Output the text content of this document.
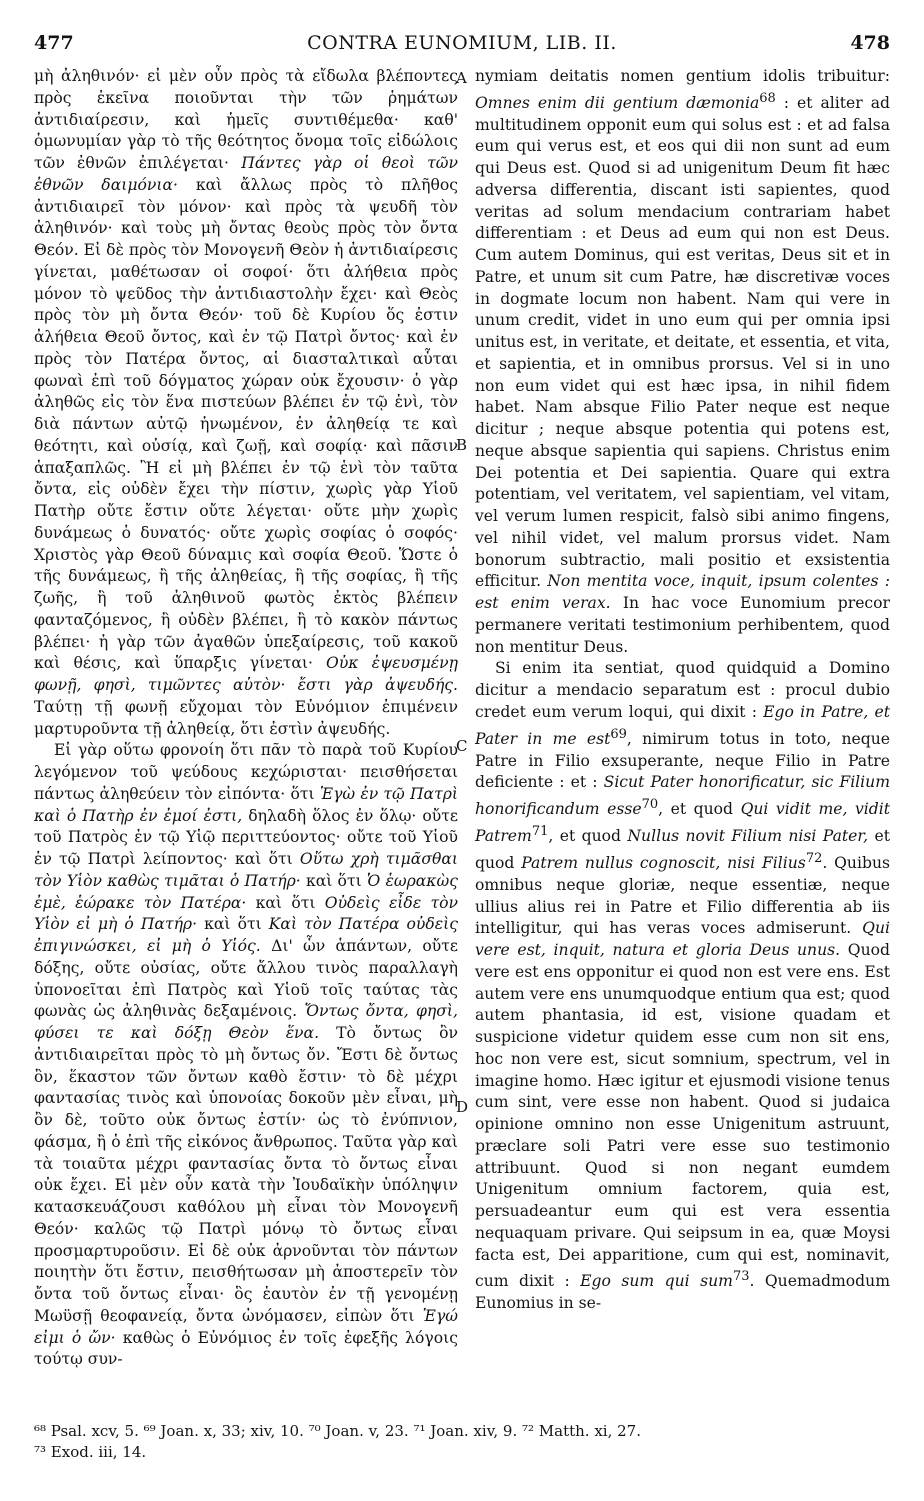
477	CONTRA EUNOMIUM, LIB. II.	478

μὴ ἀληθινόν· εἰ μὲν οὖν πρὸς τὰ εἴδωλα βλέποντες πρὸς ἐκεῖνα ποιοῦνται τὴν τῶν ῥημάτων ἀντιδιαίρεσιν, καὶ ἡμεῖς συντιθέμεθα· καθ' ὁμωνυμίαν γὰρ τὸ τῆς θεότητος ὄνομα τοῖς εἰδώλοις τῶν ἐθνῶν ἐπιλέγεται· Πάντες γὰρ οἱ θεοὶ τῶν ἐθνῶν δαιμόνια· καὶ ἄλλως πρὸς τὸ πλῆθος ἀντιδιαιρεῖ τὸν μόνον· καὶ πρὸς τὰ ψευδῆ τὸν ἀληθινόν· καὶ τοὺς μὴ ὄντας θεοὺς πρὸς τὸν ὄντα Θεόν. Εἰ δὲ πρὸς τὸν Μονογενῆ Θεὸν ἡ ἀντιδιαίρεσις γίνεται, μαθέτωσαν οἱ σοφοί· ὅτι ἀλήθεια πρὸς μόνον τὸ ψεῦδος τὴν ἀντιδιαστολὴν ἔχει· καὶ Θεὸς πρὸς τὸν μὴ ὄντα Θεόν· τοῦ δὲ Κυρίου ὅς ἐστιν ἀλήθεια Θεοῦ ὄντος, καὶ ἐν τῷ Πατρὶ ὄντος· καὶ ἐν πρὸς τὸν Πατέρα ὄντος, αἱ διασταλτικαὶ αὗται φωναὶ ἐπὶ τοῦ δόγματος χώραν οὐκ ἔχουσιν· ὁ γὰρ ἀληθῶς εἰς τὸν ἕνα πιστεύων βλέπει ἐν τῷ ἑνὶ, τὸν διὰ πάντων αὐτῷ ἡνωμένον, ἐν ἀληθείᾳ τε καὶ θεότητι, καὶ οὐσίᾳ, καὶ ζωῇ, καὶ σοφίᾳ· καὶ πᾶσιν ἁπαξαπλῶς. Ἢ εἰ μὴ βλέπει ἐν τῷ ἑνὶ τὸν ταῦτα ὄντα, εἰς οὐδὲν ἔχει τὴν πίστιν, χωρὶς γὰρ Υἱοῦ Πατὴρ οὔτε ἔστιν οὔτε λέγεται· οὔτε μὴν χωρὶς δυνάμεως ὁ δυνατός· οὔτε χωρὶς σοφίας ὁ σοφός· Χριστὸς γὰρ Θεοῦ δύναμις καὶ σοφία Θεοῦ. Ὥστε ὁ τῆς δυνάμεως, ἢ τῆς ἀληθείας, ἢ τῆς σοφίας, ἢ τῆς ζωῆς, ἢ τοῦ ἀληθινοῦ φωτὸς ἐκτὸς βλέπειν φανταζόμενος, ἢ οὐδὲν βλέπει, ἢ τὸ κακὸν πάντως βλέπει· ἡ γὰρ τῶν ἀγαθῶν ὑπεξαίρεσις, τοῦ κακοῦ καὶ θέσις, καὶ ὕπαρξις γίνεται· Οὐκ ἐψευσμένῃ φωνῇ, φησὶ, τιμῶντες αὐτὸν· ἔστι γὰρ ἀψευδής. Ταύτῃ τῇ φωνῇ εὔχομαι τὸν Εὐνόμιον ἐπιμένειν μαρτυροῦντα τῇ ἀληθείᾳ, ὅτι ἐστὶν ἀψευδής.

Εἰ γὰρ οὕτω φρονοίη ὅτι πᾶν τὸ παρὰ τοῦ Κυρίου λεγόμενον τοῦ ψεύδους κεχώρισται· πεισθήσεται πάντως ἀληθεύειν τὸν εἰπόντα· ὅτι Ἐγὼ ἐν τῷ Πατρὶ καὶ ὁ Πατὴρ ἐν ἐμοί ἐστι, δηλαδὴ ὅλος ἐν ὅλῳ· οὔτε τοῦ Πατρὸς ἐν τῷ Υἱῷ περιττεύοντος· οὔτε τοῦ Υἱοῦ ἐν τῷ Πατρὶ λείποντος· καὶ ὅτι Οὕτω χρὴ τιμᾶσθαι τὸν Υἱὸν καθὼς τιμᾶται ὁ Πατήρ· καὶ ὅτι Ὁ ἑωρακὼς ἐμὲ, ἑώρακε τὸν Πατέρα· καὶ ὅτι Οὐδεὶς εἶδε τὸν Υἱὸν εἰ μὴ ὁ Πατήρ· καὶ ὅτι Καὶ τὸν Πατέρα οὐδεὶς ἐπιγινώσκει, εἰ μὴ ὁ Υἱός. Δι' ὧν ἁπάντων, οὔτε δόξης, οὔτε οὐσίας, οὔτε ἄλλου τινὸς παραλλαγὴ ὑπονοεῖται ἐπὶ Πατρὸς καὶ Υἱοῦ τοῖς ταύτας τὰς φωνὰς ὡς ἀληθινὰς δεξαμένοις. Ὄντως ὄντα, φησὶ, φύσει τε καὶ δόξῃ Θεὸν ἕνα. Τὸ ὄντως ὂν ἀντιδιαιρεῖται πρὸς τὸ μὴ ὄντως ὄν. Ἔστι δὲ ὄντως ὂν, ἕκαστον τῶν ὄντων καθὸ ἔστιν· τὸ δὲ μέχρι φαντασίας τινὸς καὶ ὑπονοίας δοκοῦν μὲν εἶναι, μὴ ὂν δὲ, τοῦτο οὐκ ὄντως ἐστίν· ὡς τὸ ἐνύπνιον, φάσμα, ἢ ὁ ἐπὶ τῆς εἰκόνος ἄνθρωπος. Ταῦτα γὰρ καὶ τὰ τοιαῦτα μέχρι φαντασίας ὄντα τὸ ὄντως εἶναι οὐκ ἔχει. Εἰ μὲν οὖν κατὰ τὴν Ἰουδαϊκὴν ὑπόληψιν κατασκευάζουσι καθόλου μὴ εἶναι τὸν Μονογενῆ Θεόν· καλῶς τῷ Πατρὶ μόνῳ τὸ ὄντως εἶναι προσμαρτυροῦσιν. Εἰ δὲ οὐκ ἀρνοῦνται τὸν πάντων ποιητὴν ὅτι ἔστιν, πεισθήτωσαν μὴ ἀποστερεῖν τὸν ὄντα τοῦ ὄντως εἶναι· ὃς ἑαυτὸν ἐν τῇ γενομένῃ Μωϋσῇ θεοφανείᾳ, ὄντα ὠνόμασεν, εἰπὼν ὅτι Ἐγώ εἰμι ὁ ὤν· καθὼς ὁ Εὐνόμιος ἐν τοῖς ἐφεξῆς λόγοις τούτῳ συν-

A
B
C
D

nymiam deitatis nomen gentium idolis tribuitur: Omnes enim dii gentium dæmonia$^{68}$ : et aliter ad multitudinem opponit eum qui solus est : et ad falsa eum qui verus est, et eos qui dii non sunt ad eum qui Deus est. Quod si ad unigenitum Deum fit hæc adversa differentia, discant isti sapientes, quod veritas ad solum mendacium contrariam habet differentiam : et Deus ad eum qui non est Deus. Cum autem Dominus, qui est veritas, Deus sit et in Patre, et unum sit cum Patre, hæ discretivæ voces in dogmate locum non habent. Nam qui vere in unum credit, videt in uno eum qui per omnia ipsi unitus est, in veritate, et deitate, et essentia, et vita, et sapientia, et in omnibus prorsus. Vel si in uno non eum videt qui est hæc ipsa, in nihil fidem habet. Nam absque Filio Pater neque est neque dicitur ; neque absque potentia qui potens est, neque absque sapientia qui sapiens. Christus enim Dei potentia et Dei sapientia. Quare qui extra potentiam, vel veritatem, vel sapientiam, vel vitam, vel verum lumen respicit, falsò sibi animo fingens, vel nihil videt, vel malum prorsus videt. Nam bonorum subtractio, mali positio et exsistentia efficitur. Non mentita voce, inquit, ipsum colentes : est enim verax. In hac voce Eunomium precor permanere veritati testimonium perhibentem, quod non mentitur Deus.

Si enim ita sentiat, quod quidquid a Domino dicitur a mendacio separatum est : procul dubio credet eum verum loqui, qui dixit : Ego in Patre, et Pater in me est$^{69}$, nimirum totus in toto, neque Patre in Filio exsuperante, neque Filio in Patre deficiente : et : Sicut Pater honorificatur, sic Filium honorificandum esse$^{70}$, et quod Qui vidit me, vidit Patrem$^{71}$, et quod Nullus novit Filium nisi Pater, et quod Patrem nullus cognoscit, nisi Filius$^{72}$. Quibus omnibus neque gloriæ, neque essentiæ, neque ullius alius rei in Patre et Filio differentia ab iis intelligitur, qui has veras voces admiserunt. Qui vere est, inquit, natura et gloria Deus unus. Quod vere est ens opponitur ei quod non est vere ens. Est autem vere ens unumquodque entium qua est; quod autem phantasia, id est, visione quadam et suspicione videtur quidem esse cum non sit ens, hoc non vere est, sicut somnium, spectrum, vel in imagine homo. Hæc igitur et ejusmodi visione tenus cum sint, vere esse non habent. Quod si judaica opinione omnino non esse Unigenitum astruunt, præclare soli Patri vere esse suo testimonio attribuunt. Quod si non negant eumdem Unigenitum omnium factorem, quia est, persuadeantur eum qui est vera essentia nequaquam privare. Qui seipsum in ea, quæ Moysi facta est, Dei apparitione, cum qui est, nominavit, cum dixit : Ego sum qui sum$^{73}$. Quemadmodum Eunomius in se-

⁶⁸ Psal. xcv, 5. ⁶⁹ Joan. x, 33; xiv, 10. ⁷⁰ Joan. v, 23. ⁷¹ Joan. xiv, 9. ⁷² Matth. xi, 27.
⁷³ Exod. iii, 14.
